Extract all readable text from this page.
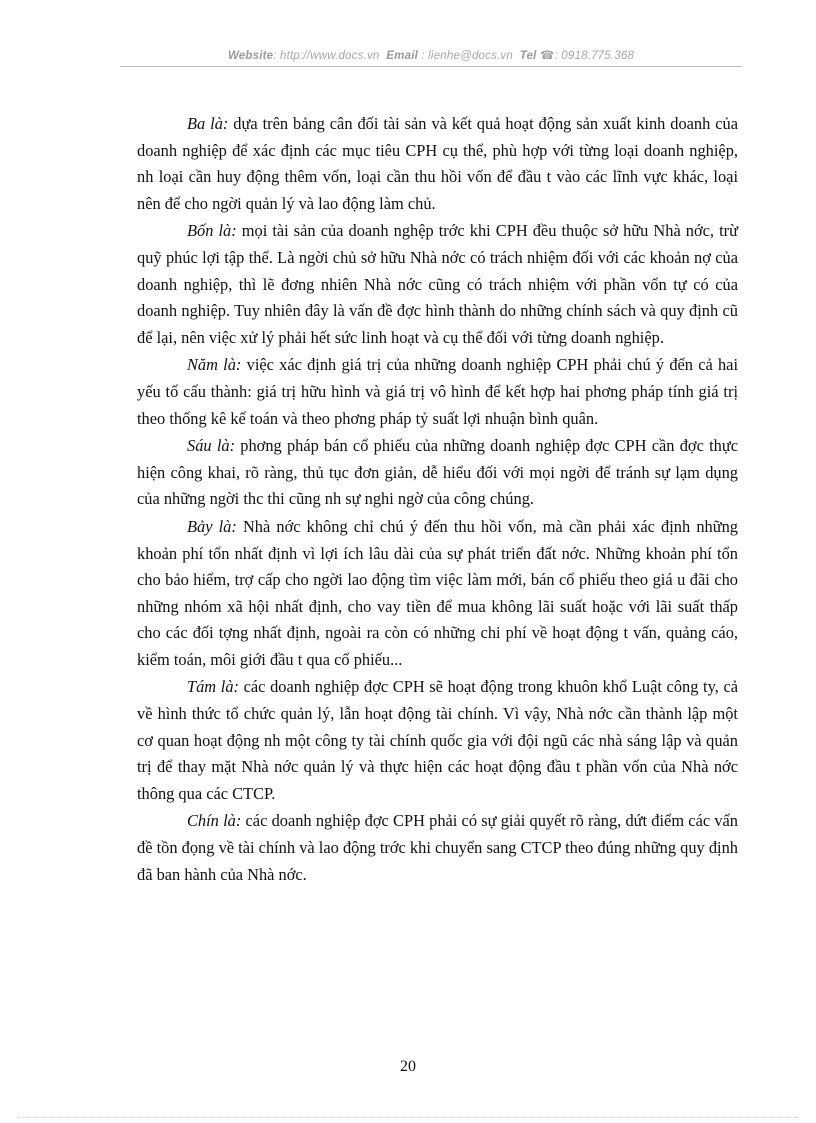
Website: http://www.docs.vn Email : lienhe@docs.vn Tel ☎: 0918.775.368

Ba là: dựa trên bảng cân đối tài sản và kết quả hoạt động sản xuất kinh doanh của doanh nghiệp để xác định các mục tiêu CPH cụ thể, phù hợp với từng loại doanh nghiệp, nh loại cần huy động thêm vốn, loại cần thu hồi vốn để đầu t vào các lĩnh vực khác, loại nên để cho ngời quản lý và lao động làm chủ.

Bốn là: mọi tài sản của doanh nghệp trớc khi CPH đều thuộc sở hữu Nhà nớc, trừ quỹ phúc lợi tập thể. Là ngời chủ sở hữu Nhà nớc có trách nhiệm đối với các khoản nợ của doanh nghiệp, thì lẽ đơng nhiên Nhà nớc cũng có trách nhiệm với phần vốn tự có của doanh nghiệp. Tuy nhiên đây là vấn đề đợc hình thành do những chính sách và quy định cũ để lại, nên việc xử lý phải hết sức linh hoạt và cụ thể đối với từng doanh nghiệp.

Năm là: việc xác định giá trị của những doanh nghiệp CPH phải chú ý đến cả hai yếu tố cấu thành: giá trị hữu hình và giá trị vô hình để kết hợp hai phơng pháp tính giá trị theo thống kê kế toán và theo phơng pháp tỷ suất lợi nhuận bình quân.

Sáu là: phơng pháp bán cổ phiếu của những doanh nghiệp đợc CPH cần đợc thực hiện công khai, rõ ràng, thủ tục đơn giản, dễ hiểu đối với mọi ngời để tránh sự lạm dụng của những ngời thc thi cũng nh sự nghi ngờ của công chúng.

Bảy là: Nhà nớc không chỉ chú ý đến thu hồi vốn, mà cần phải xác định những khoản phí tổn nhất định vì lợi ích lâu dài của sự phát triển đất nớc. Những khoản phí tổn cho bảo hiểm, trợ cấp cho ngời lao động tìm việc làm mới, bán cổ phiếu theo giá u đãi cho những nhóm xã hội nhất định, cho vay tiền để mua không lãi suất hoặc với lãi suất thấp cho các đối tợng nhất định, ngoài ra còn có những chi phí về hoạt động t vấn, quảng cáo, kiểm toán, môi giới đầu t qua cổ phiếu...

Tám là: các doanh nghiệp đợc CPH sẽ hoạt động trong khuôn khổ Luật công ty, cả về hình thức tổ chức quản lý, lẫn hoạt động tài chính. Vì vậy, Nhà nớc cần thành lập một cơ quan hoạt động nh một công ty tài chính quốc gia với đội ngũ các nhà sáng lập và quản trị để thay mặt Nhà nớc quản lý và thực hiện các hoạt động đầu t phần vốn của Nhà nớc thông qua các CTCP.

Chín là: các doanh nghiệp đợc CPH phải có sự giải quyết rõ ràng, dứt điểm các vấn đề tồn đọng về tài chính và lao động trớc khi chuyển sang CTCP theo đúng những quy định đã ban hành của Nhà nớc.

20
